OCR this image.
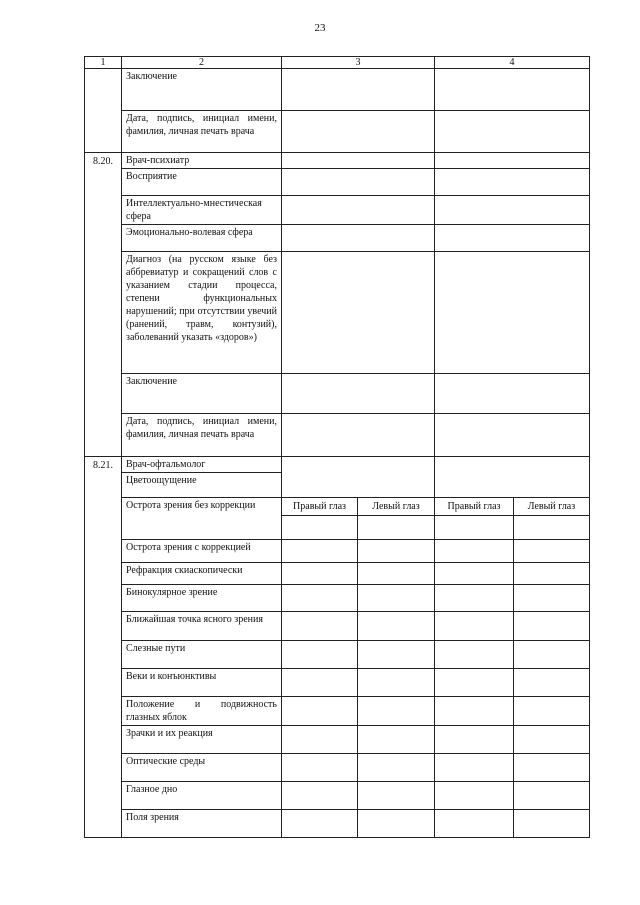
23
1	2	3		4	
	Заключение				
	Дата, подпись, инициал имени, фамилия, личная печать врача				
8.20.	Врач-психиатр				
	Восприятие				
	Интеллектуально-мнестическая сфера				
	Эмоционально-волевая сфера				
	Диагноз (на русском языке без аббревиатур и сокращений слов с указанием стадии процесса, степени функциональных нарушений; при отсутствии увечий (ранений, травм, контузий), заболеваний указать «здоров»)				
	Заключение				
	Дата, подпись, инициал имени, фамилия, личная печать врача				
8.21.	Врач-офтальмолог				
	Цветоощущение				
	Острота зрения без коррекции	Правый глаз	Левый глаз	Правый глаз	Левый глаз

	Острота зрения с коррекцией				
	Рефракция скиаскопически				
	Бинокулярное зрение				
	Ближайшая точка ясного зрения				
	Слезные пути				
	Веки и конъюнктивы				
	Положение и подвижность глазных яблок				
	Зрачки и их реакция				
	Оптические среды				
	Глазное дно				
	Поля зрения				
